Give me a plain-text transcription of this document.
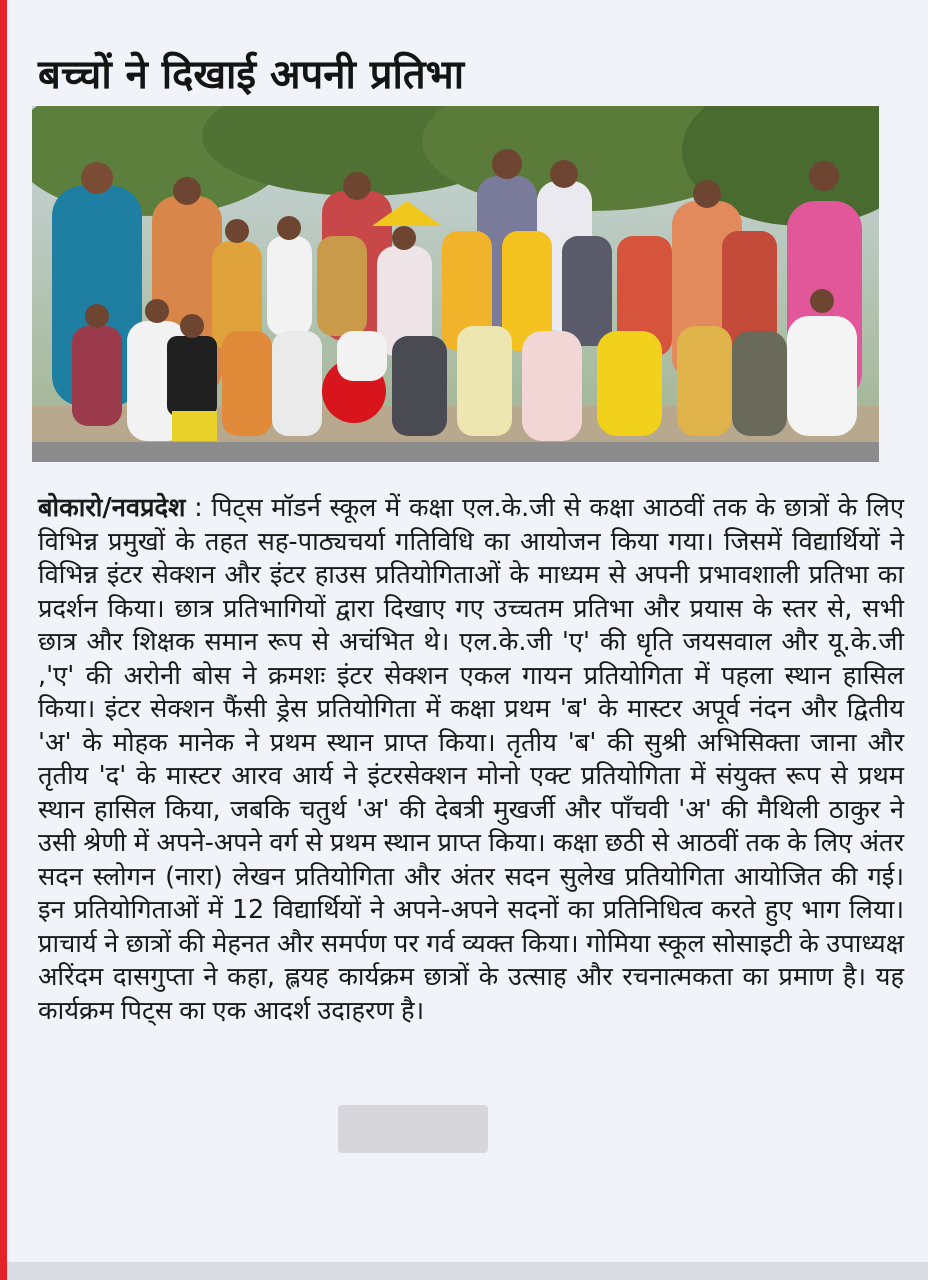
बच्चों ने दिखाई अपनी प्रतिभा
बोकारो/नवप्रदेश : पिट्स मॉडर्न स्कूल में कक्षा एल.के.जी से कक्षा आठवीं तक के छात्रों के लिए विभिन्न प्रमुखों के तहत सह-पाठ्यचर्या गतिविधि का आयोजन किया गया। जिसमें विद्यार्थियों ने विभिन्न इंटर सेक्शन और इंटर हाउस प्रतियोगिताओं के माध्यम से अपनी प्रभावशाली प्रतिभा का प्रदर्शन किया। छात्र प्रतिभागियों द्वारा दिखाए गए उच्चतम प्रतिभा और प्रयास के स्तर से, सभी छात्र और शिक्षक समान रूप से अचंभित थे। एल.के.जी 'ए' की धृति जयसवाल और यू.के.जी ,'ए' की अरोनी बोस ने क्रमशः इंटर सेक्शन एकल गायन प्रतियोगिता में पहला स्थान हासिल किया। इंटर सेक्शन फैंसी ड्रेस प्रतियोगिता में कक्षा प्रथम 'ब' के मास्टर अपूर्व नंदन और द्वितीय 'अ' के मोहक मानेक ने प्रथम स्थान प्राप्त किया। तृतीय 'ब' की सुश्री अभिसिक्ता जाना और तृतीय 'द' के मास्टर आरव आर्य ने इंटरसेक्शन मोनो एक्ट प्रतियोगिता में संयुक्त रूप से प्रथम स्थान हासिल किया, जबकि चतुर्थ 'अ' की देबत्री मुखर्जी और पाँचवी 'अ' की मैथिली ठाकुर ने उसी श्रेणी में अपने-अपने वर्ग से प्रथम स्थान प्राप्त किया। कक्षा छठी से आठवीं तक के लिए अंतर सदन स्लोगन (नारा) लेखन प्रतियोगिता और अंतर सदन सुलेख प्रतियोगिता आयोजित की गई। इन प्रतियोगिताओं में 12 विद्यार्थियों ने अपने-अपने सदनों का प्रतिनिधित्व करते हुए भाग लिया। प्राचार्य ने छात्रों की मेहनत और समर्पण पर गर्व व्यक्त किया। गोमिया स्कूल सोसाइटी के उपाध्यक्ष अरिंदम दासगुप्ता ने कहा, ह्लयह कार्यक्रम छात्रों के उत्साह और रचनात्मकता का प्रमाण है। यह कार्यक्रम पिट्स का एक आदर्श उदाहरण है।
